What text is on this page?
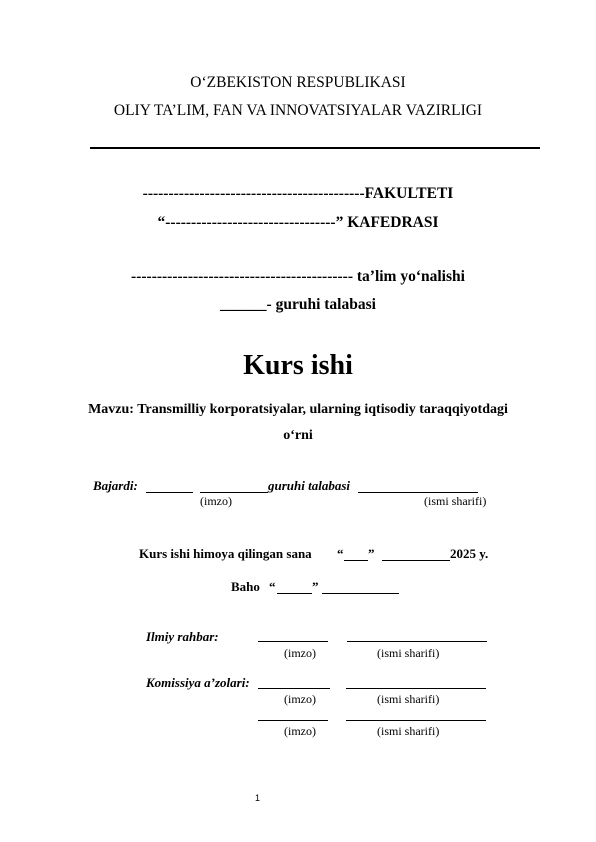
O‘ZBEKISTON RESPUBLIKASI
OLIY TA’LIM, FAN VA INNOVATSIYALAR VAZIRLIGI
-------------------------------------------FAKULTETI
“---------------------------------” KAFEDRASI
------------------------------------------- ta’lim yo‘nalishi
______- guruhi talabasi
Kurs ishi
Mavzu: Transmilliy korporatsiyalar, ularning iqtisodiy taraqqiyotdagi
o‘rni
Bajardi:	guruhi talabasi
(imzo)	(ismi sharifi)
Kurs ishi himoya qilingan sana “ ”	2025 y.
Baho “	”
Ilmiy rahbar:
(imzo)	(ismi sharifi)
Komissiya a’zolari:
(imzo)	(ismi sharifi)
(imzo)	(ismi sharifi)
1
